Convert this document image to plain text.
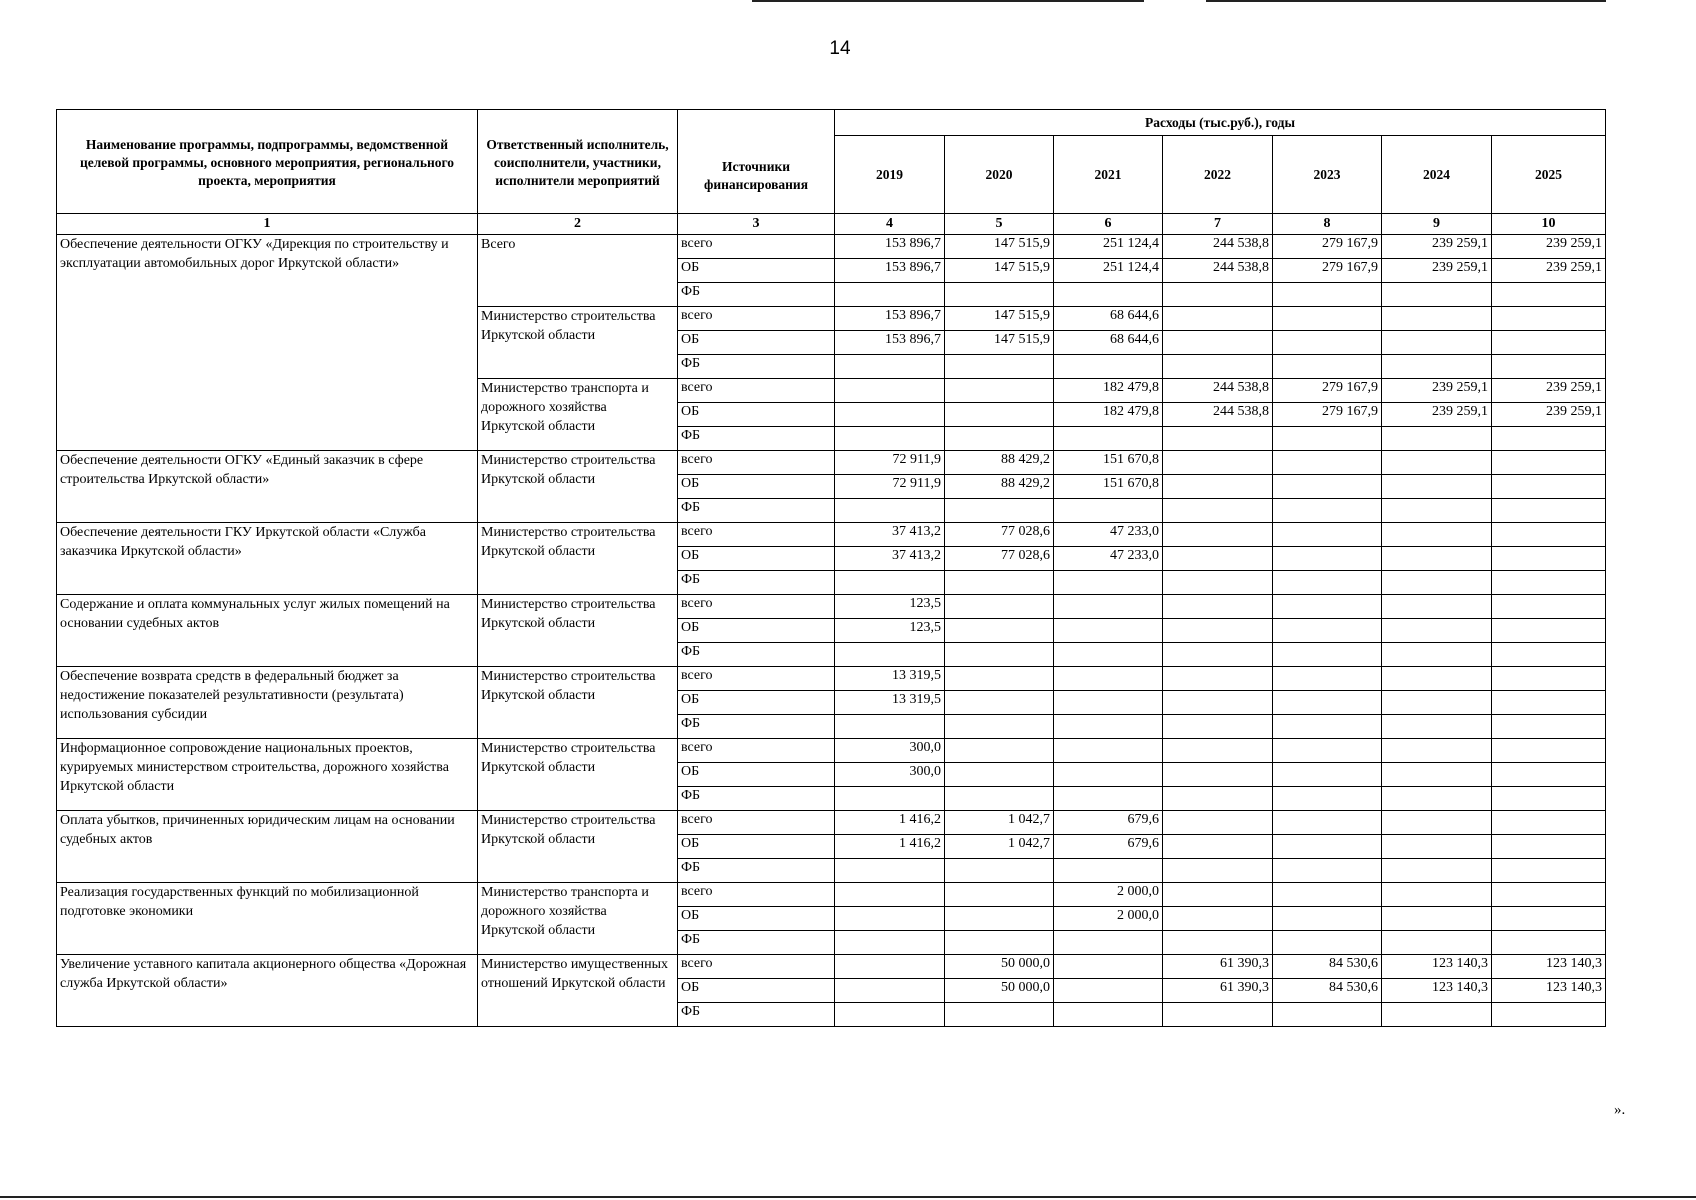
14
Наименование программы, подпрограммы, ведомственной целевой программы, основного мероприятия, регионального проекта, мероприятия	Ответственный исполнитель, соисполнители, участники, исполнители мероприятий	Источники финансирования	Расходы (тыс.руб.), годы						
			2019	2020	2021	2022	2023	2024	2025
1	2	3	4	5	6	7	8	9	10
Обеспечение деятельности ОГКУ «Дирекция по строительству и эксплуатации автомобильных дорог Иркутской области»	Всего	всего	153 896,7	147 515,9	251 124,4	244 538,8	279 167,9	239 259,1	239 259,1
		ОБ	153 896,7	147 515,9	251 124,4	244 538,8	279 167,9	239 259,1	239 259,1
		ФБ							
	Министерство строительства Иркутской области	всего	153 896,7	147 515,9	68 644,6				
		ОБ	153 896,7	147 515,9	68 644,6				
		ФБ							
	Министерство транспорта и дорожного хозяйства Иркутской области	всего			182 479,8	244 538,8	279 167,9	239 259,1	239 259,1
		ОБ			182 479,8	244 538,8	279 167,9	239 259,1	239 259,1
		ФБ							
Обеспечение деятельности ОГКУ «Единый заказчик в сфере строительства Иркутской области»	Министерство строительства Иркутской области	всего	72 911,9	88 429,2	151 670,8				
		ОБ	72 911,9	88 429,2	151 670,8				
		ФБ							
Обеспечение деятельности ГКУ Иркутской области «Служба заказчика Иркутской области»	Министерство строительства Иркутской области	всего	37 413,2	77 028,6	47 233,0				
		ОБ	37 413,2	77 028,6	47 233,0				
		ФБ							
Содержание и оплата коммунальных услуг жилых помещений на основании судебных актов	Министерство строительства Иркутской области	всего	123,5						
		ОБ	123,5						
		ФБ							
Обеспечение возврата средств в федеральный бюджет за недостижение показателей результативности (результата) использования субсидии	Министерство строительства Иркутской области	всего	13 319,5						
		ОБ	13 319,5						
		ФБ							
Информационное сопровождение национальных проектов, курируемых министерством строительства, дорожного хозяйства Иркутской области	Министерство строительства Иркутской области	всего	300,0						
		ОБ	300,0						
		ФБ							
Оплата убытков, причиненных юридическим лицам на основании судебных актов	Министерство строительства Иркутской области	всего	1 416,2	1 042,7	679,6				
		ОБ	1 416,2	1 042,7	679,6				
		ФБ							
Реализация государственных функций по мобилизационной подготовке экономики	Министерство транспорта и дорожного хозяйства Иркутской области	всего			2 000,0				
		ОБ			2 000,0				
		ФБ							
Увеличение уставного капитала акционерного общества «Дорожная служба Иркутской области»	Министерство имущественных отношений Иркутской области	всего		50 000,0		61 390,3	84 530,6	123 140,3	123 140,3
		ОБ		50 000,0		61 390,3	84 530,6	123 140,3	123 140,3
		ФБ							
».
